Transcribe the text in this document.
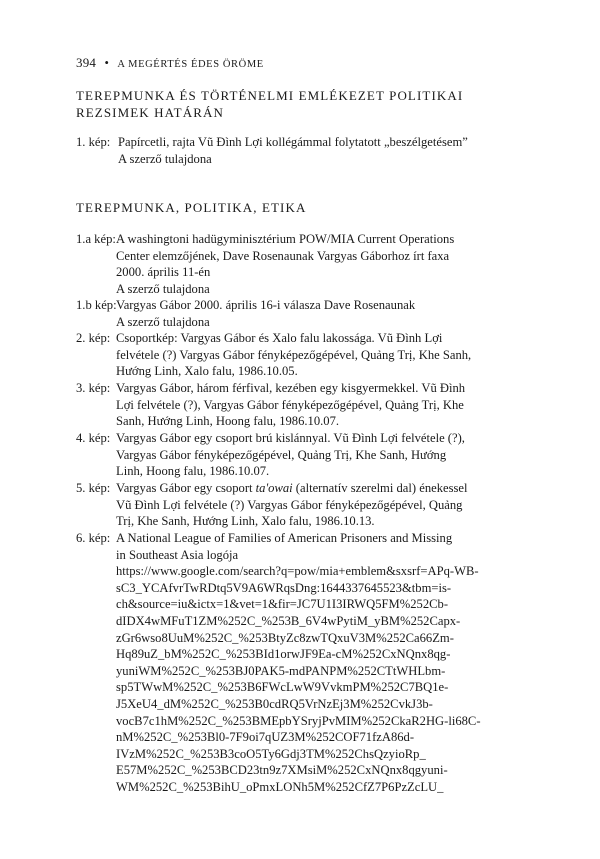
394 • A MEGÉRTÉS ÉDES ÖRÖME
TEREPMUNKA ÉS TÖRTÉNELMI EMLÉKEZET POLITIKAI
REZSIMEK HATÁRÁN
1. kép: Papírcetli, rajta Vũ Đình Lợi kollégámmal folytatott „beszélgetésem”
A szerző tulajdona
TEREPMUNKA, POLITIKA, ETIKA
1.a kép: A washingtoni hadügyminisztérium POW/MIA Current Operations
Center elemzőjének, Dave Rosenaunak Vargyas Gáborhoz írt faxa
2000. április 11-én
A szerző tulajdona
1.b kép: Vargyas Gábor 2000. április 16-i válasza Dave Rosenaunak
A szerző tulajdona
2. kép: Csoportkép: Vargyas Gábor és Xalo falu lakossága. Vũ Đình Lợi
felvétele (?) Vargyas Gábor fényképezőgépével, Quảng Trị, Khe Sanh,
Hướng Linh, Xalo falu, 1986.10.05.
3. kép: Vargyas Gábor, három férfival, kezében egy kisgyermekkel. Vũ Đình
Lợi felvétele (?), Vargyas Gábor fényképezőgépével, Quảng Trị, Khe
Sanh, Hướng Linh, Hoong falu, 1986.10.07.
4. kép: Vargyas Gábor egy csoport brú kislánnyal. Vũ Đình Lợi felvétele (?),
Vargyas Gábor fényképezőgépével, Quảng Trị, Khe Sanh, Hướng
Linh, Hoong falu, 1986.10.07.
5. kép: Vargyas Gábor egy csoport ta'owai (alternatív szerelmi dal) énekessel
Vũ Đình Lợi felvétele (?) Vargyas Gábor fényképezőgépével, Quảng
Trị, Khe Sanh, Hướng Linh, Xalo falu, 1986.10.13.
6. kép: A National League of Families of American Prisoners and Missing
in Southeast Asia logója
https://www.google.com/search?q=pow/mia+emblem&sxsrf=APq-WB-
sC3_YCAfvrTwRDtq5V9A6WRqsDng:1644337645523&tbm=is-
ch&source=iu&ictx=1&vet=1&fir=JC7U1I3IRWQ5FM%252Cb-
dIDX4wMFuT1ZM%252C_%253B_6V4wPytiM_yBM%252Capx-
zGr6wso8UuM%252C_%253BtyZc8zwTQxuV3M%252Ca66Zm-
Hq89uZ_bM%252C_%253BId1orwJF9Ea-cM%252CxNQnx8qg-
yuniWM%252C_%253BJ0PAK5-mdPANPM%252CTtWHLbm-
sp5TWwM%252C_%253B6FWcLwW9VvkmPM%252C7BQ1e-
J5XeU4_dM%252C_%253B0cdRQ5VrNzEj3M%252CvkJ3b-
vocB7c1hM%252C_%253BMEpbYSryjPvMIM%252CkaR2HG-li68C-
nM%252C_%253Bl0-7F9oi7qUZ3M%252COF71fzA86d-
IVzM%252C_%253B3coO5Ty6Gdj3TM%252ChsQzyioRp_
E57M%252C_%253BCD23tn9z7XMsiM%252CxNQnx8qgyuni-
WM%252C_%253BihU_oPmxLONh5M%252CfZ7P6PzZcLU_
